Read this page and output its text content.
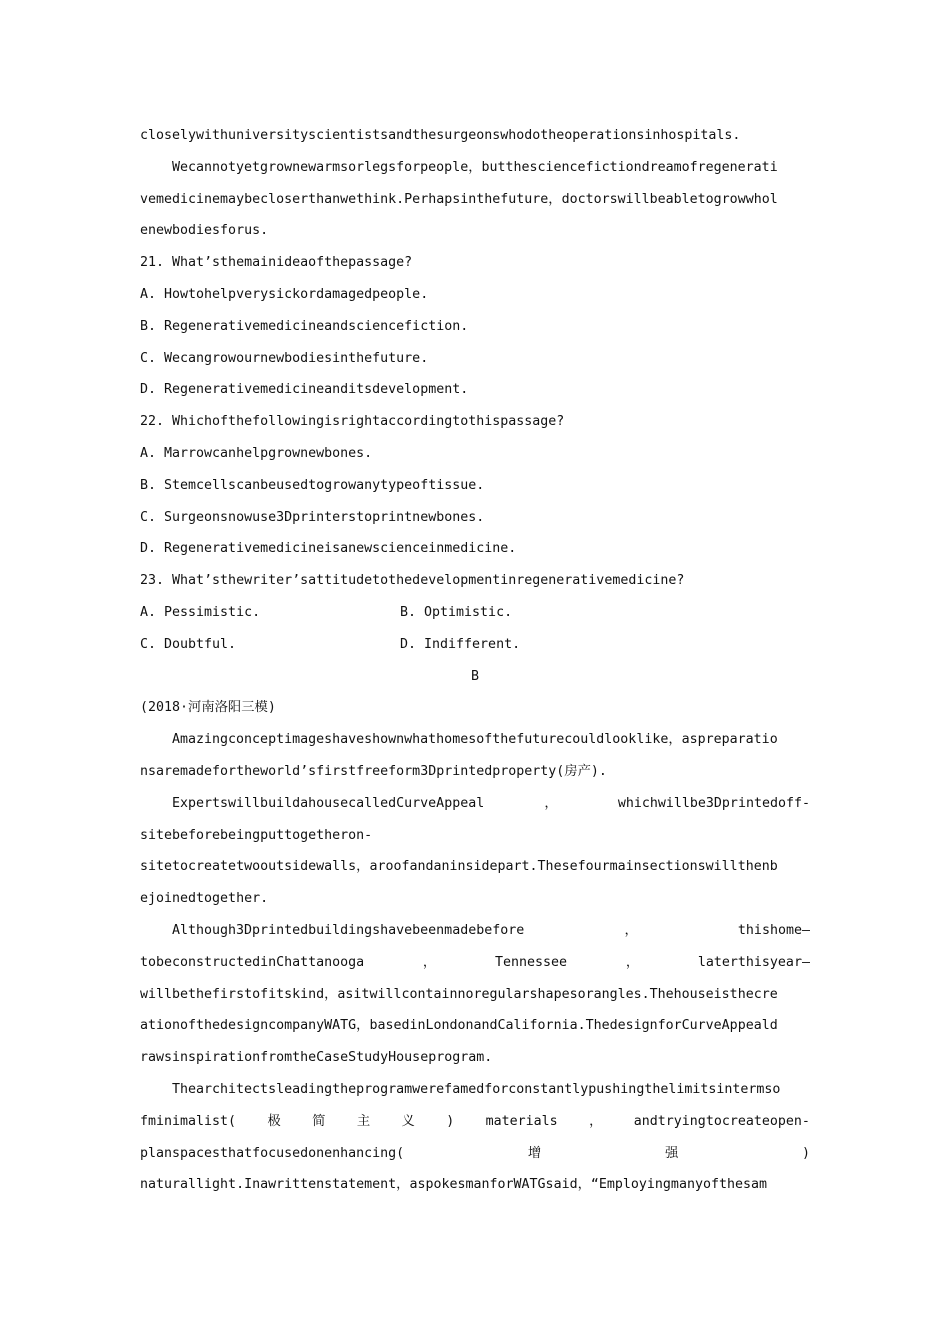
closelywithuniversityscientistsandthesurgeonswhodotheoperationsinhospitals.
Wecannotyetgrownewarmsorlegsforpeople，butthesciencefictiondreamofregenerati
vemedicinemaybecloserthanwethink.Perhapsinthefuture，doctorswillbeabletogrowwhol
enewbodiesforus.
21. What’sthemainideaofthepassage?
A. Howtohelpverysickordamagedpeople.
B. Regenerativemedicineandsciencefiction.
C. Wecangrowournewbodiesinthefuture.
D. Regenerativemedicineanditsdevelopment.
22. Whichofthefollowingisrightaccordingtothispassage?
A. Marrowcanhelpgrownewbones.
B. Stemcellscanbeusedtogrowanytypeoftissue.
C. Surgeonsnowuse3Dprinterstoprintnewbones.
D. Regenerativemedicineisanewscienceinmedicine.
23. What’sthewriter’sattitudetothedevelopmentinregenerativemedicine?
A. Pessimistic.	B. Optimistic.
C. Doubtful.	D. Indifferent.
B
(2018·河南洛阳三模)
Amazingconceptimageshaveshownwhathomesofthefuturecouldlooklike，aspreparatio
nsaremadefortheworld’sfirstfreeform3Dprintedproperty(房产).
ExpertswillbuildahousecalledCurveAppeal	，	whichwillbe3Dprintedoff-
sitebeforebeingputtogetheron-
sitetocreatetwooutsidewalls，aroofandaninsidepart.Thesefourmainsectionswillthenb
ejoinedtogether.
Although3Dprintedbuildingshavebeenmadebefore	，	thishome—
tobeconstructedinChattanooga	，	Tennessee	，	laterthisyear—
willbethefirstofitskind，asitwillcontainnoregularshapesorangles.Thehouseisthecre
ationofthedesigncompanyWATG，basedinLondonandCalifornia.ThedesignforCurveAppeald
rawsinspirationfromtheCaseStudyHouseprogram.
Thearchitectsleadingtheprogramwerefamedforconstantlypushingthelimitsintermso
fminimalist( 极 简 主 义 ) materials ， andtryingtocreateopen-
planspacesthatfocusedonenhancing(	增	强	)
naturallight.Inawrittenstatement，aspokesmanforWATGsaid，“Employingmanyofthesam
